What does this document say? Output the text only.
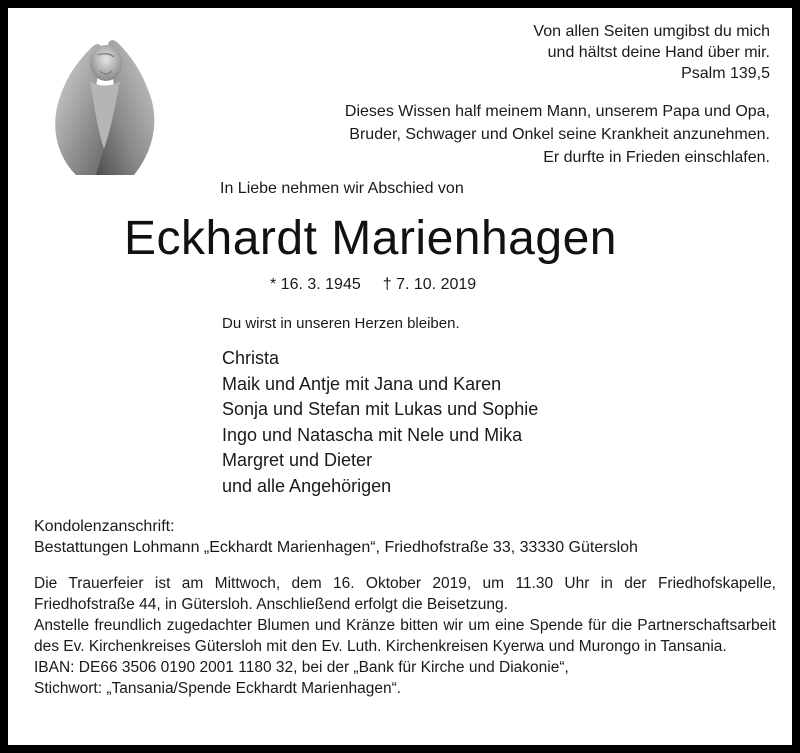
Von allen Seiten umgibst du mich
und hältst deine Hand über mir.
Psalm 139,5
Dieses Wissen half meinem Mann, unserem Papa und Opa,
Bruder, Schwager und Onkel seine Krankheit anzunehmen.
Er durfte in Frieden einschlafen.
In Liebe nehmen wir Abschied von
Eckhardt Marienhagen
* 16. 3. 1945 † 7. 10. 2019
Du wirst in unseren Herzen bleiben.
Christa
Maik und Antje mit Jana und Karen
Sonja und Stefan mit Lukas und Sophie
Ingo und Natascha mit Nele und Mika
Margret und Dieter
und alle Angehörigen
Kondolenzanschrift:
Bestattungen Lohmann „Eckhardt Marienhagen“, Friedhofstraße 33, 33330 Gütersloh

Die Trauerfeier ist am Mittwoch, dem 16. Oktober 2019, um 11.30 Uhr in der Friedhofskapelle, Friedhofstraße 44, in Gütersloh. Anschließend erfolgt die Beisetzung.

Anstelle freundlich zugedachter Blumen und Kränze bitten wir um eine Spende für die Partnerschaftsarbeit des Ev. Kirchenkreises Gütersloh mit den Ev. Luth. Kirchenkreisen Kyerwa und Murongo in Tansania.

IBAN: DE66 3506 0190 2001 1180 32, bei der „Bank für Kirche und Diakonie“,

Stichwort: „Tansania/Spende Eckhardt Marienhagen“.
